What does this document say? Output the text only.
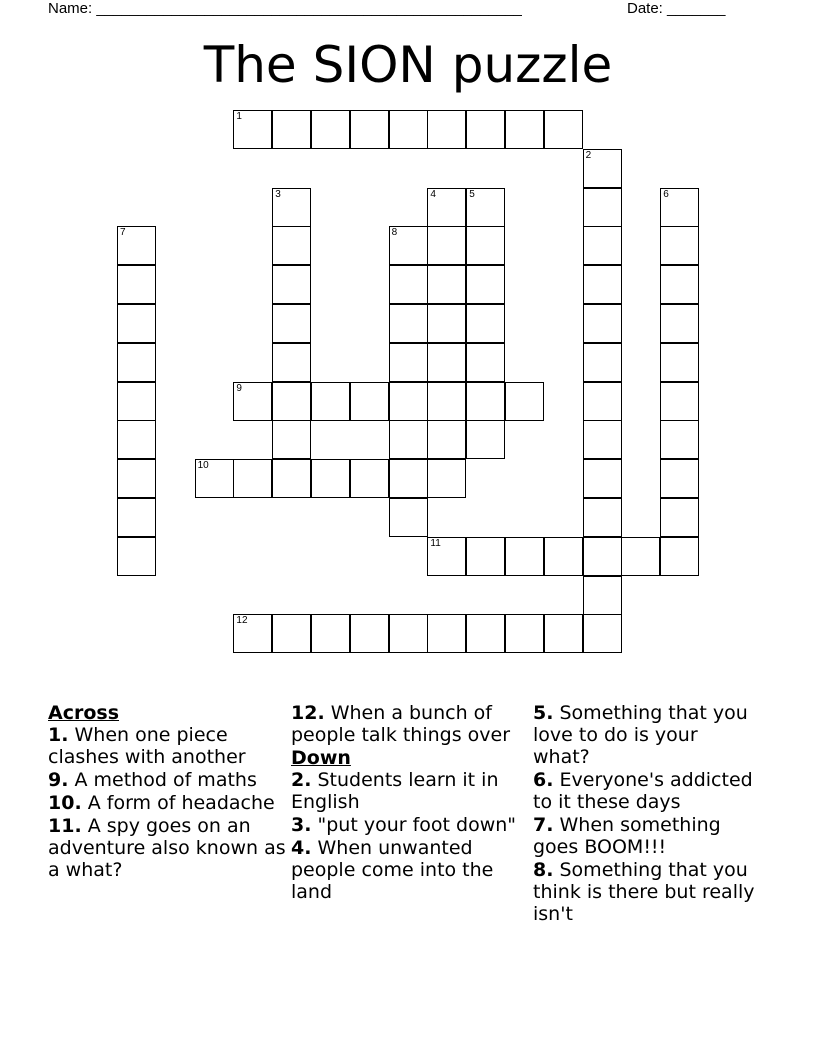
Name: ___________________________________________________	Date: _______
The SION puzzle
1
2
3	4	5	6
7	8
9
10
11
12
Across
1. When one piece clashes with another
9. A method of maths
10. A form of headache
11. A spy goes on an adventure also known as a what?
12. When a bunch of people talk things over
Down
2. Students learn it in English
3. "put your foot down"
4. When unwanted people come into the land
5. Something that you love to do is your what?
6. Everyone's addicted to it these days
7. When something goes BOOM!!!
8. Something that you think is there but really isn't
